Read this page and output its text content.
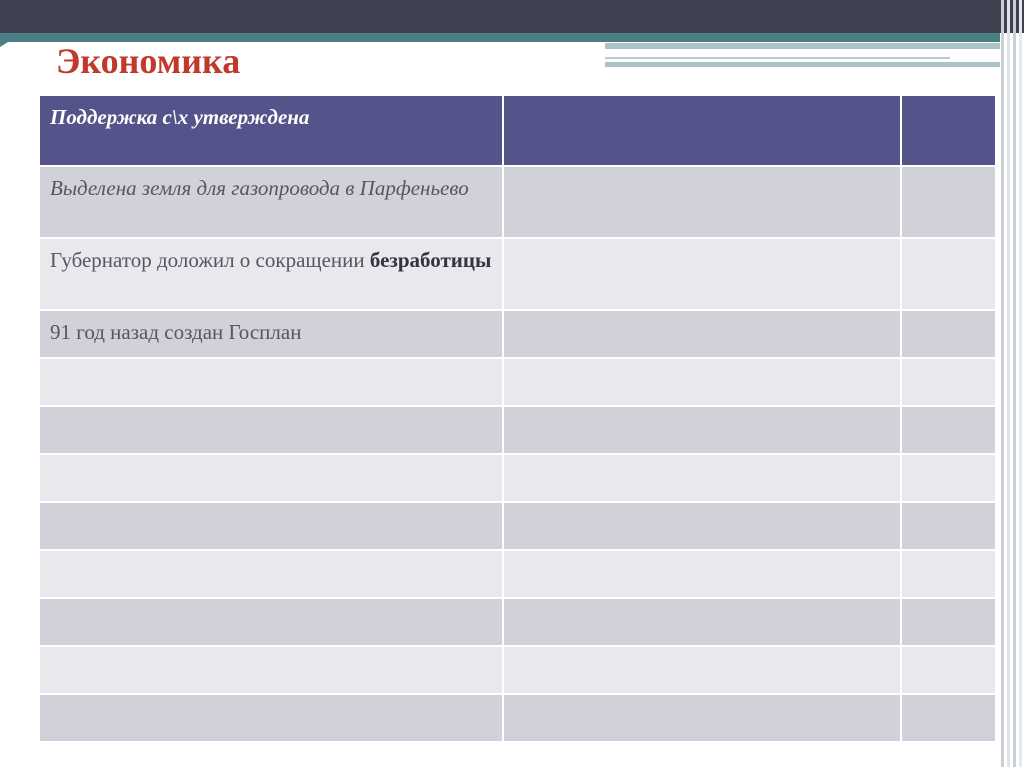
Экономика
Поддержка с\х утверждена		
Выделена земля для газопровода в Парфеньево		
Губернатор доложил о сокращении безработицы		
91 год назад создан Госплан		
